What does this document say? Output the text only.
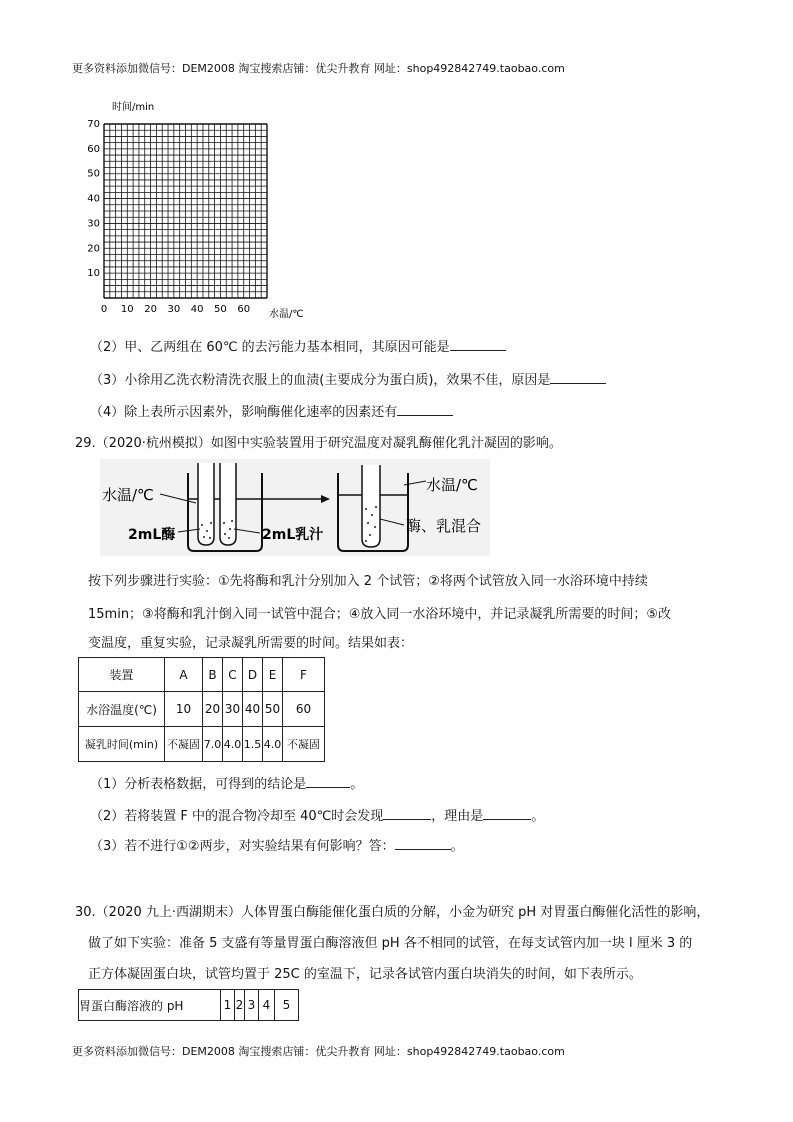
更多资料添加微信号：DEM2008 淘宝搜索店铺：优尖升教育 网址：shop492842749.taobao.com
0 10 20 30 40 50 60
10
20
30
40
50
60
70
时间/min
水温/℃
（2）甲、乙两组在 60℃ 的去污能力基本相同，其原因可能是
（3）小徐用乙洗衣粉清洗衣服上的血渍(主要成分为蛋白质)，效果不佳，原因是
（4）除上表所示因素外，影响酶催化速率的因素还有
29.（2020·杭州模拟）如图中实验装置用于研究温度对凝乳酶催化乳汁凝固的影响。
水温/℃
2mL酶	2mL乳汁
水温/℃
酶、乳混合
按下列步骤进行实验：①先将酶和乳汁分别加入 2 个试管；②将两个试管放入同一水浴环境中持续
15min；③将酶和乳汁倒入同一试管中混合；④放入同一水浴环境中，并记录凝乳所需要的时间；⑤改
变温度，重复实验，记录凝乳所需要的时间。结果如表：
装置	A	B	C	D	E	F
水浴温度(℃)	10	20	30	40	50	60
凝乳时间(min)	不凝固	7.0	4.0	1.5	4.0	不凝固
（1）分析表格数据，可得到的结论是	。
（2）若将装置 F 中的混合物冷却至 40℃时会发现	，理由是	。
（3）若不进行①②两步，对实验结果有何影响？答：	。
30.（2020 九上·西湖期末）人体胃蛋白酶能催化蛋白质的分解，小金为研究 pH 对胃蛋白酶催化活性的影响，
做了如下实验：准备 5 支盛有等量胃蛋白酶溶液但 pH 各不相同的试管，在每支试管内加一块 l 厘米 3 的
正方体凝固蛋白块，试管均置于 25C 的室温下，记录各试管内蛋白块消失的时间，如下表所示。
胃蛋白酶溶液的 pH	1	2	3	4	5
更多资料添加微信号：DEM2008 淘宝搜索店铺：优尖升教育 网址：shop492842749.taobao.com
